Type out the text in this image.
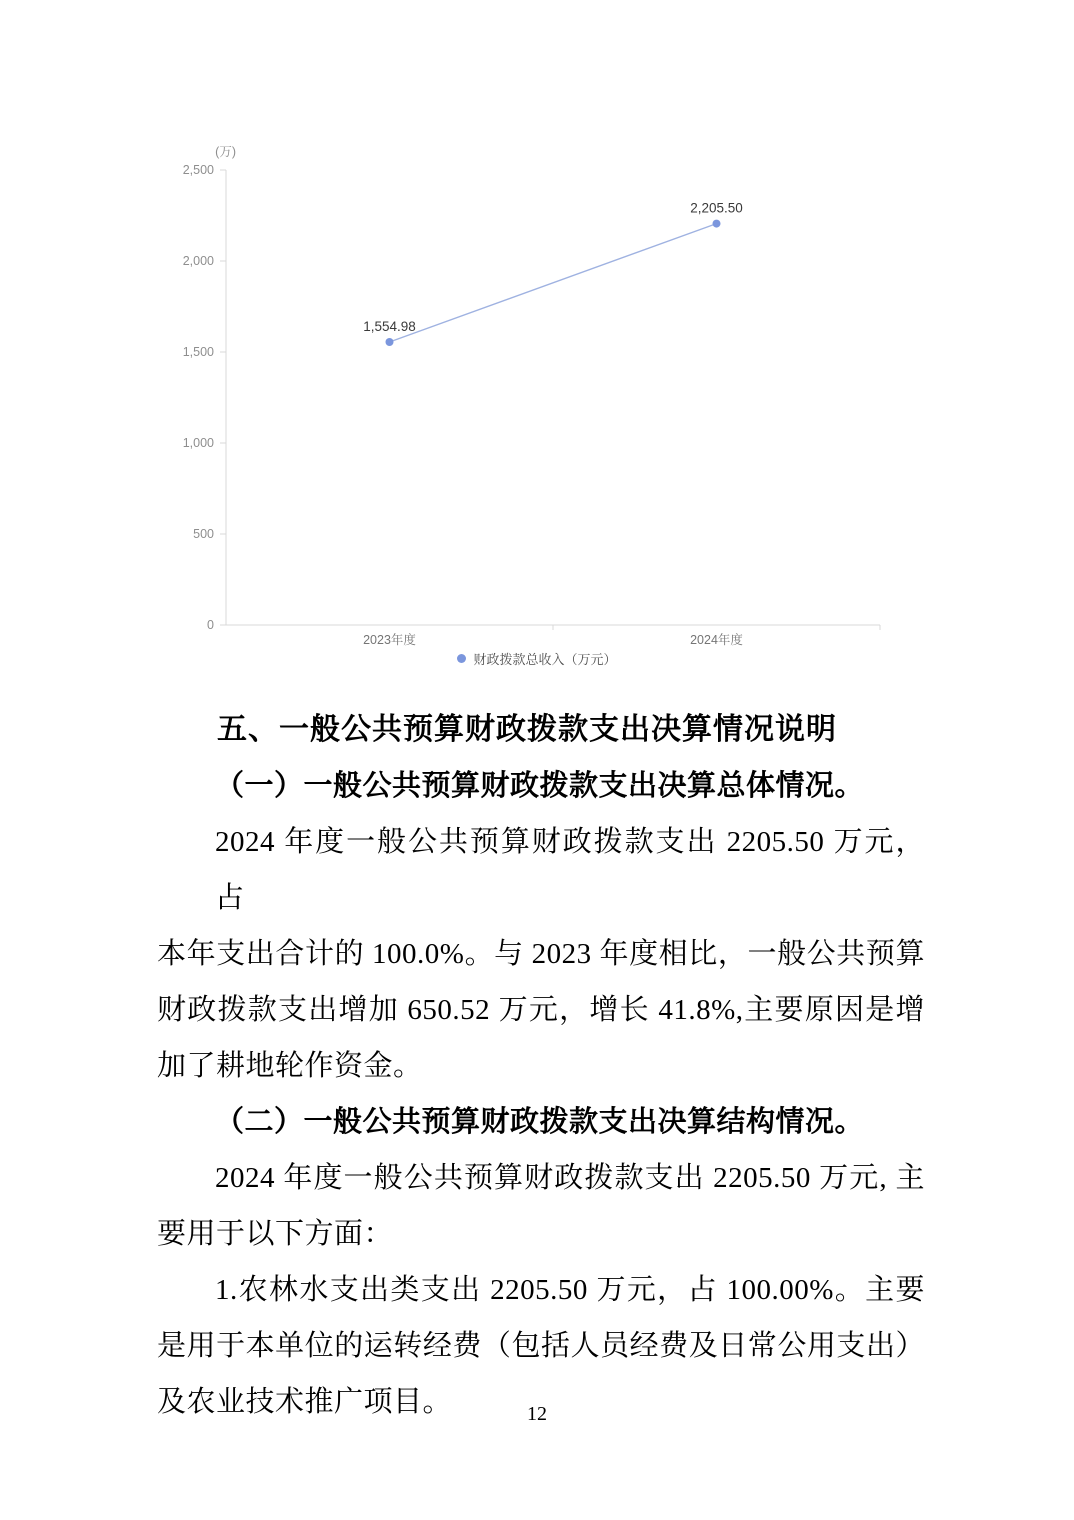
0
500
1,000
1,500
2,000
2,500
(万)
2023年度	2024年度
1,554.98
2,205.50
财政拨款总收入（万元）
五、一般公共预算财政拨款支出决算情况说明
（一）一般公共预算财政拨款支出决算总体情况。
2024 年度一般公共预算财政拨款支出 2205.50 万元，占
本年支出合计的 100.0%。与 2023 年度相比，一般公共预算
财政拨款支出增加 650.52 万元，增长 41.8%,主要原因是增
加了耕地轮作资金。
（二）一般公共预算财政拨款支出决算结构情况。
2024 年度一般公共预算财政拨款支出 2205.50 万元, 主
要用于以下方面：
1.农林水支出类支出 2205.50 万元，占 100.00%。主要
是用于本单位的运转经费（包括人员经费及日常公用支出）
及农业技术推广项目。	12
